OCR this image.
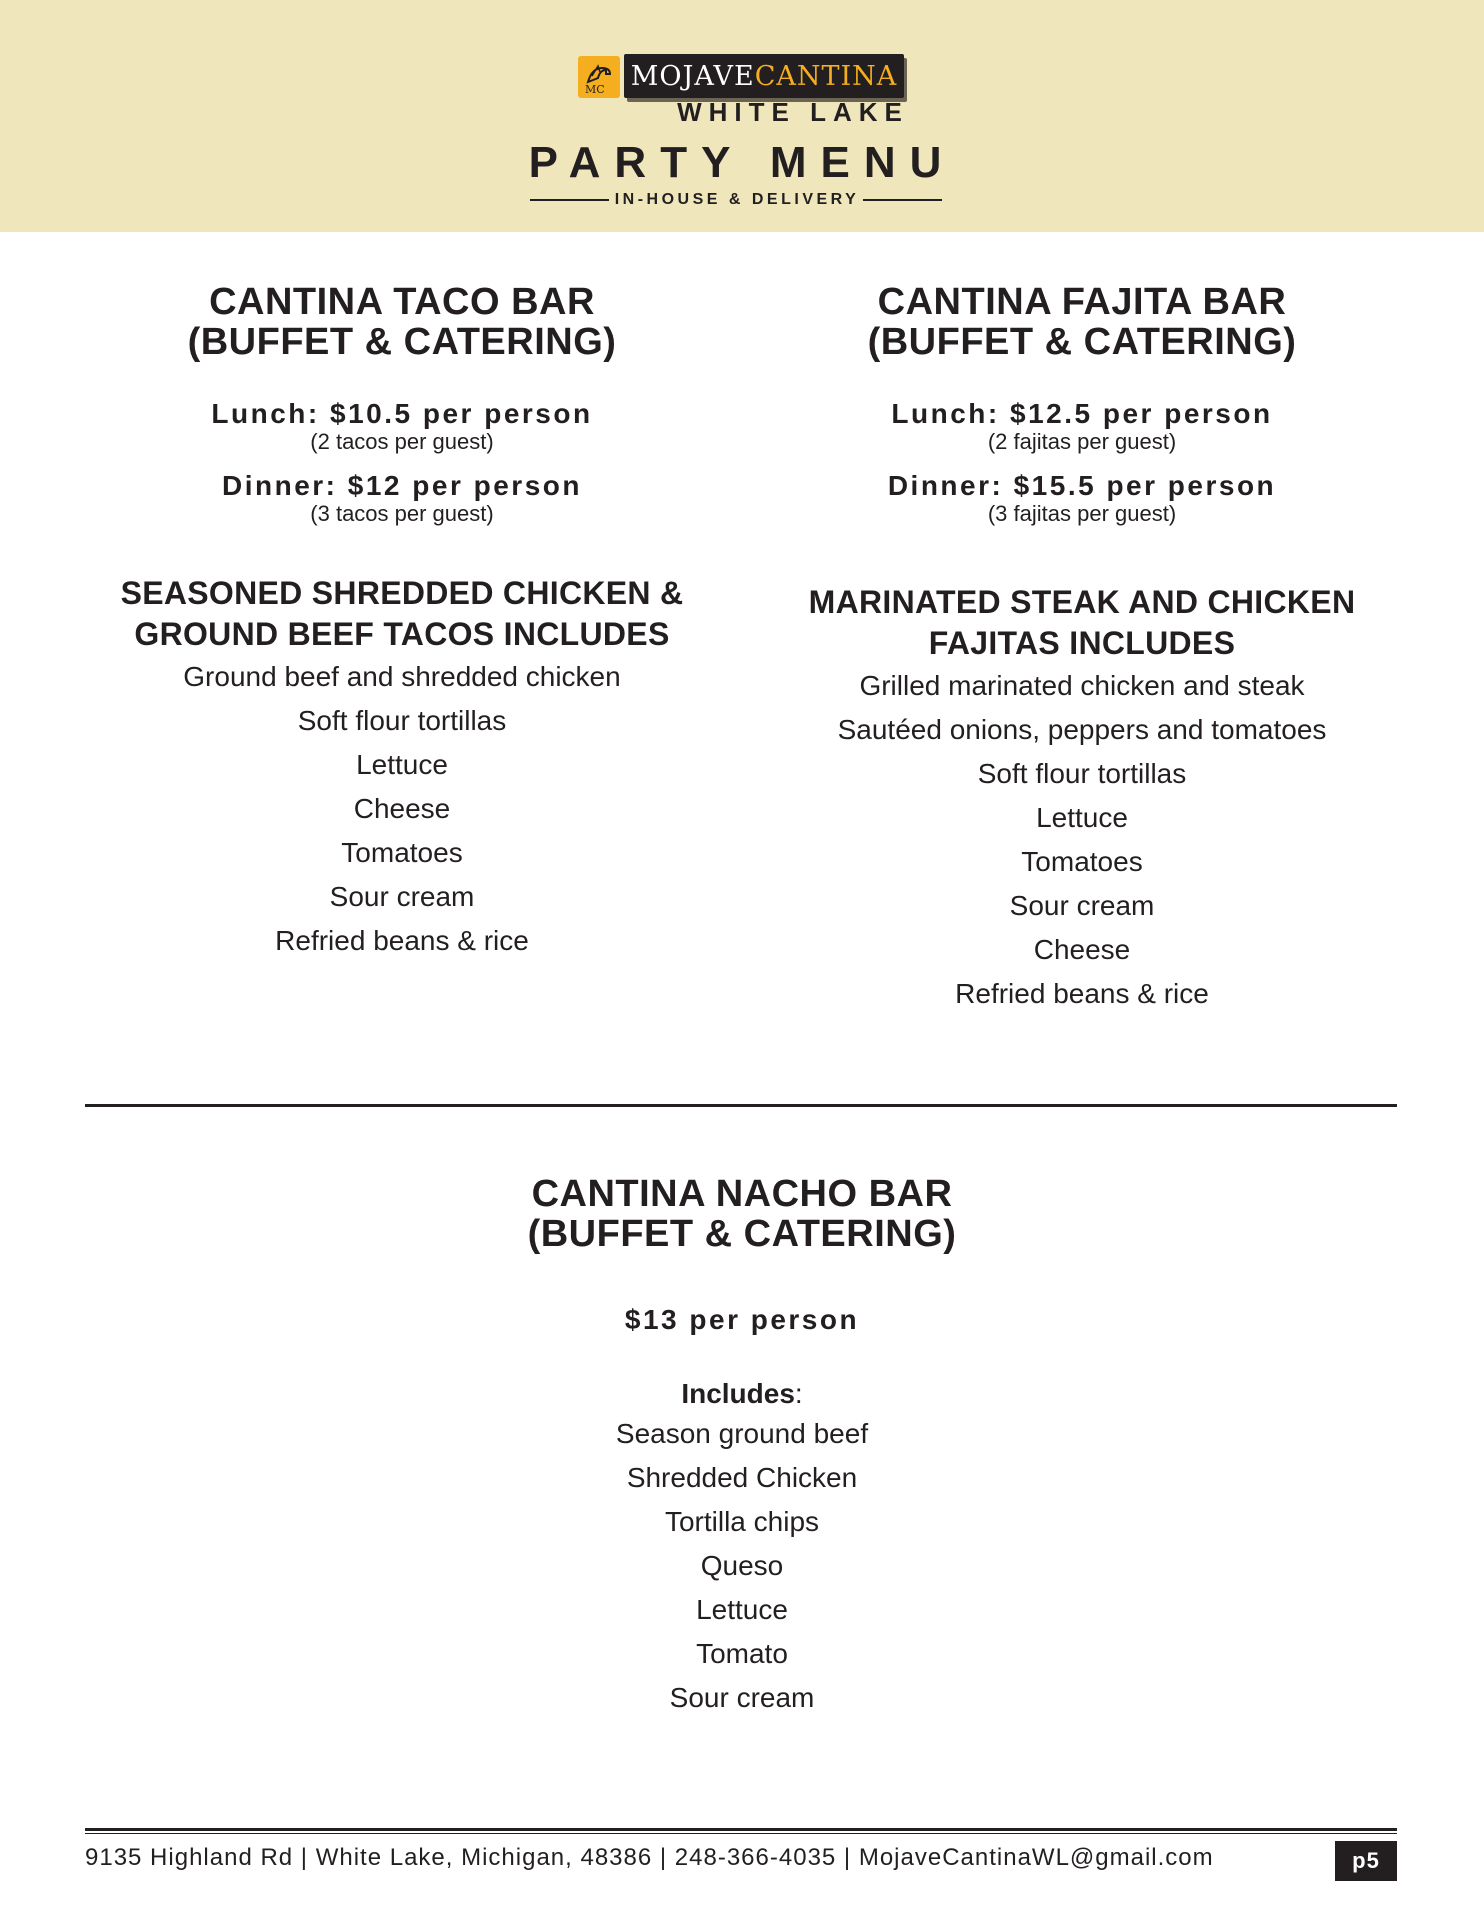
MC MOJAVE CANTINA
WHITE LAKE
PARTY MENU
IN-HOUSE & DELIVERY
CANTINA TACO BAR
(BUFFET & CATERING)
Lunch: $10.5 per person
(2 tacos per guest)
Dinner: $12 per person
(3 tacos per guest)
SEASONED SHREDDED CHICKEN &
GROUND BEEF TACOS INCLUDES
Ground beef and shredded chicken
Soft flour tortillas
Lettuce
Cheese
Tomatoes
Sour cream
Refried beans & rice
CANTINA FAJITA BAR
(BUFFET & CATERING)
Lunch: $12.5 per person
(2 fajitas per guest)
Dinner: $15.5 per person
(3 fajitas per guest)
MARINATED STEAK AND CHICKEN
FAJITAS INCLUDES
Grilled marinated chicken and steak
Sautéed onions, peppers and tomatoes
Soft flour tortillas
Lettuce
Tomatoes
Sour cream
Cheese
Refried beans & rice
CANTINA NACHO BAR
(BUFFET & CATERING)
$13 per person
Includes:
Season ground beef
Shredded Chicken
Tortilla chips
Queso
Lettuce
Tomato
Sour cream
9135 Highland Rd | White Lake, Michigan, 48386 | 248-366-4035 | MojaveCantinaWL@gmail.com	p5
